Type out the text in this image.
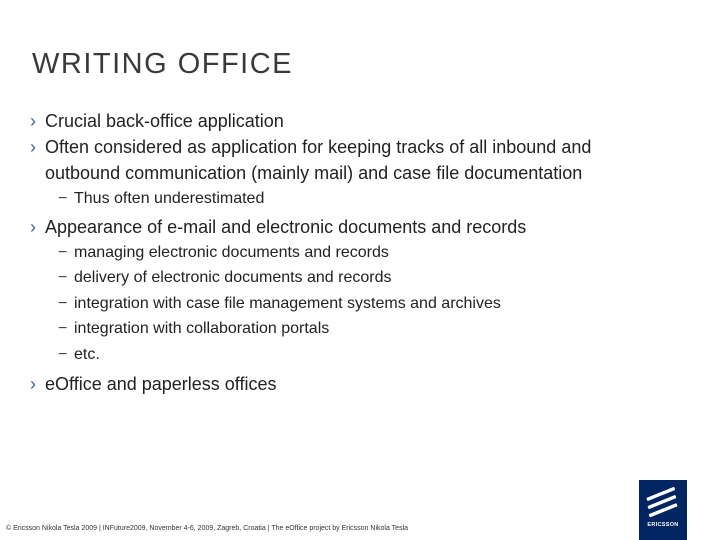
WRITING OFFICE
› Crucial back-office application
› Often considered as application for keeping tracks of all inbound and
outbound communication (mainly mail) and case file documentation
− Thus often underestimated
› Appearance of e-mail and electronic documents and records
− managing electronic documents and records
− delivery of electronic documents and records
− integration with case file management systems and archives
− integration with collaboration portals
− etc.
› eOffice and paperless offices
© Ericsson Nikola Tesla 2009 | INFuture2009, November 4-6, 2009, Zagreb, Croatia | The eOffice project by Ericsson Nikola Tesla	ERICSSON
